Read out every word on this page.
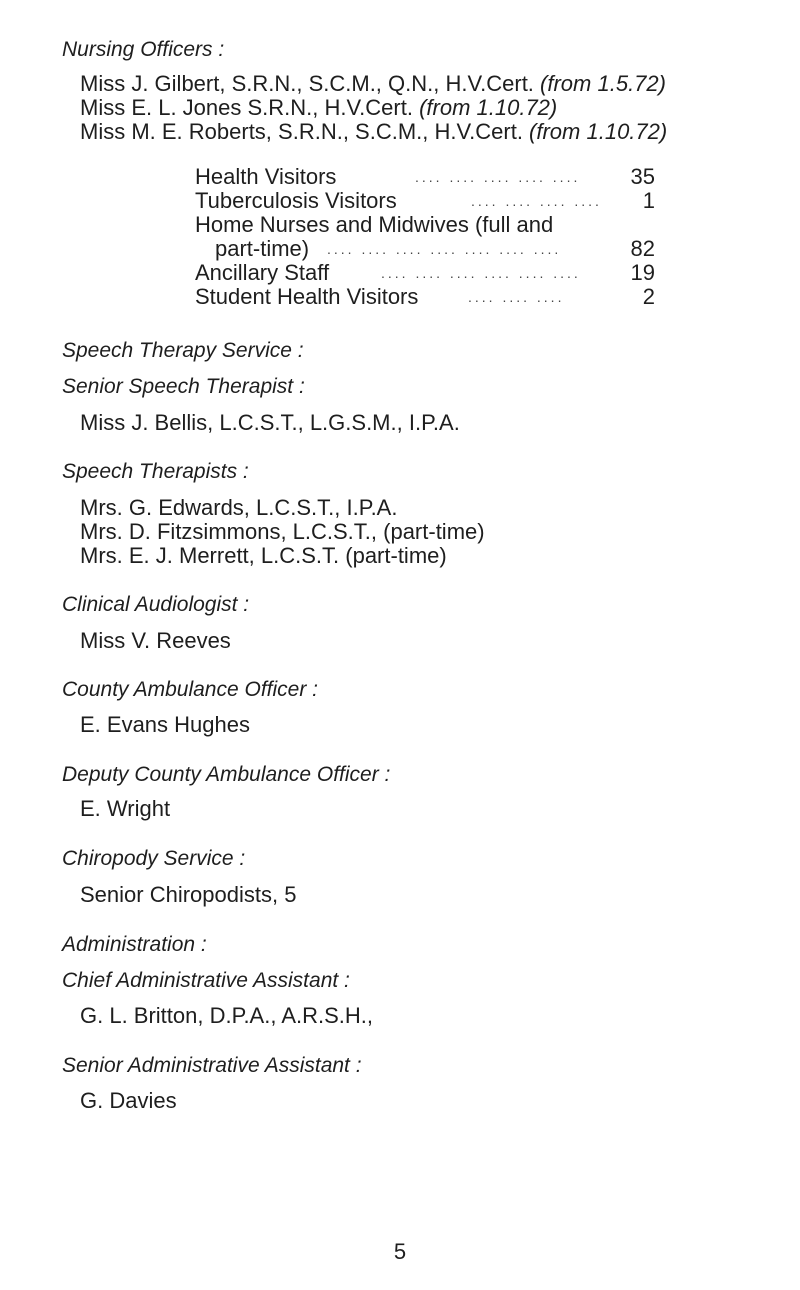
Nursing Officers :
Miss J. Gilbert, S.R.N., S.C.M., Q.N., H.V.Cert. (from 1.5.72)
Miss E. L. Jones S.R.N., H.V.Cert. (from 1.10.72)
Miss M. E. Roberts, S.R.N., S.C.M., H.V.Cert. (from 1.10.72)
Health Visitors	.... .... .... .... .... 35
Tuberculosis Visitors	.... .... .... .... 1
Home Nurses and Midwives (full and
part-time) .... .... .... .... .... .... ....	82
Ancillary Staff	.... .... .... .... .... .... 19
Student Health Visitors	.... .... ....	2
Speech Therapy Service :
Senior Speech Therapist :
Miss J. Bellis, L.C.S.T., L.G.S.M., I.P.A.
Speech Therapists :
Mrs. G. Edwards, L.C.S.T., I.P.A.
Mrs. D. Fitzsimmons, L.C.S.T., (part-time)
Mrs. E. J. Merrett, L.C.S.T. (part-time)
Clinical Audiologist :
Miss V. Reeves
County Ambulance Officer :
E. Evans Hughes
Deputy County Ambulance Officer :
E. Wright
Chiropody Service :
Senior Chiropodists, 5
Administration :
Chief Administrative Assistant :
G. L. Britton, D.P.A., A.R.S.H.,
Senior Administrative Assistant :
G. Davies
5
